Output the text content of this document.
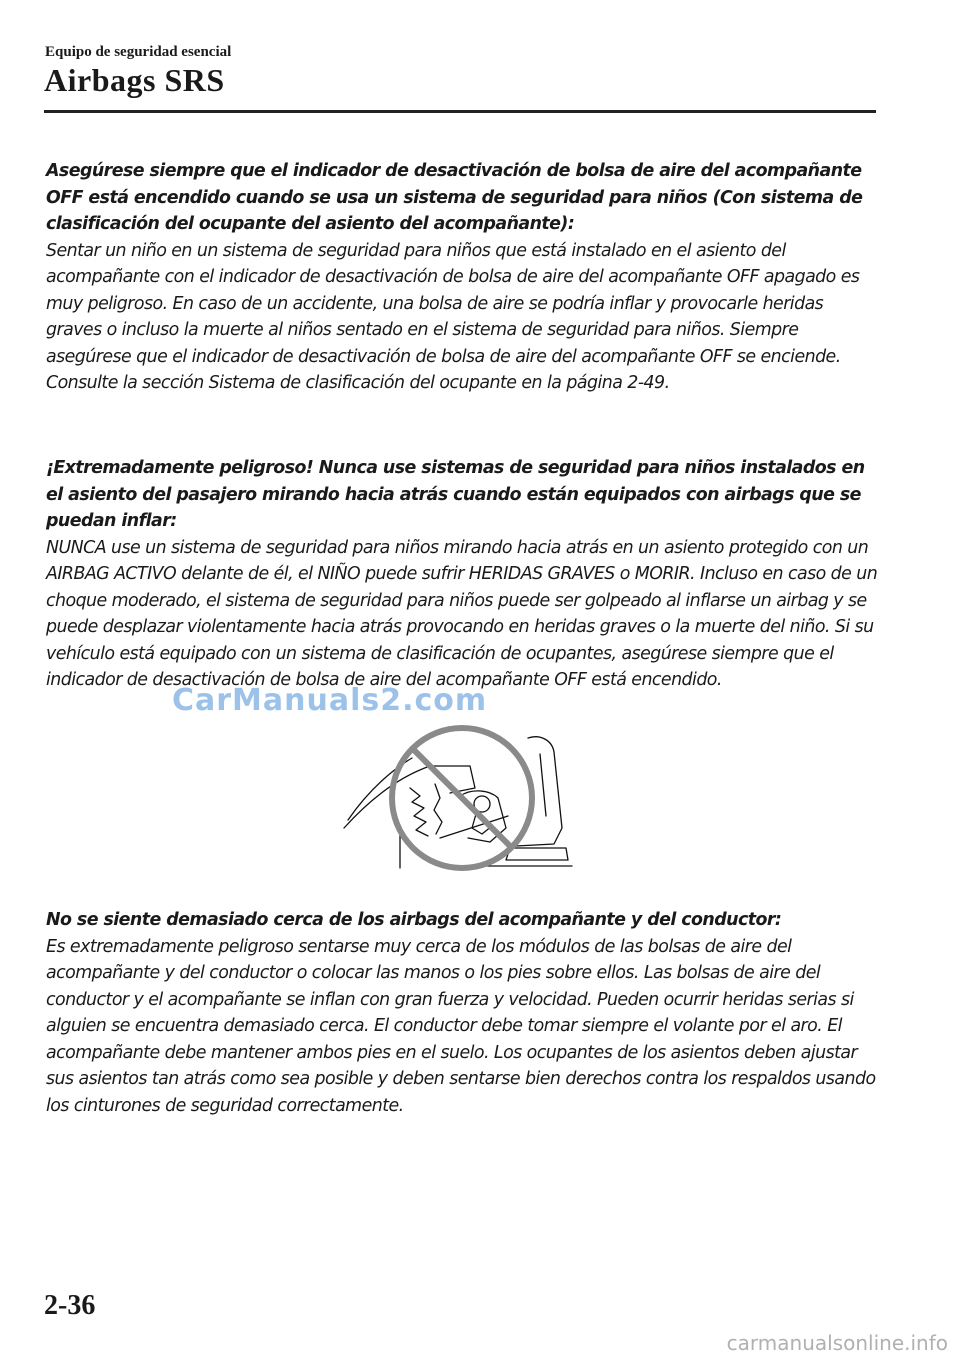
Equipo de seguridad esencial
Airbags SRS

Asegúrese siempre que el indicador de desactivación de bolsa de aire del acompañante OFF está encendido cuando se usa un sistema de seguridad para niños (Con sistema de clasificación del ocupante del asiento del acompañante):

Sentar un niño en un sistema de seguridad para niños que está instalado en el asiento del acompañante con el indicador de desactivación de bolsa de aire del acompañante OFF apagado es muy peligroso. En caso de un accidente, una bolsa de aire se podría inflar y provocarle heridas graves o incluso la muerte al niños sentado en el sistema de seguridad para niños. Siempre asegúrese que el indicador de desactivación de bolsa de aire del acompañante OFF se enciende.

Consulte la sección Sistema de clasificación del ocupante en la página 2-49.

¡Extremadamente peligroso! Nunca use sistemas de seguridad para niños instalados en el asiento del pasajero mirando hacia atrás cuando están equipados con airbags que se puedan inflar:

NUNCA use un sistema de seguridad para niños mirando hacia atrás en un asiento protegido con un AIRBAG ACTIVO delante de él, el NIÑO puede sufrir HERIDAS GRAVES o MORIR. Incluso en caso de un choque moderado, el sistema de seguridad para niños puede ser golpeado al inflarse un airbag y se puede desplazar violentamente hacia atrás provocando en heridas graves o la muerte del niño. Si su vehículo está equipado con un sistema de clasificación de ocupantes, asegúrese siempre que el indicador de desactivación de bolsa de aire del acompañante OFF está encendido.

CarManuals2.com

No se siente demasiado cerca de los airbags del acompañante y del conductor:

Es extremadamente peligroso sentarse muy cerca de los módulos de las bolsas de aire del acompañante y del conductor o colocar las manos o los pies sobre ellos. Las bolsas de aire del conductor y el acompañante se inflan con gran fuerza y velocidad. Pueden ocurrir heridas serias si alguien se encuentra demasiado cerca. El conductor debe tomar siempre el volante por el aro. El acompañante debe mantener ambos pies en el suelo. Los ocupantes de los asientos deben ajustar sus asientos tan atrás como sea posible y deben sentarse bien derechos contra los respaldos usando los cinturones de seguridad correctamente.

2-36
carmanualsonline.info
